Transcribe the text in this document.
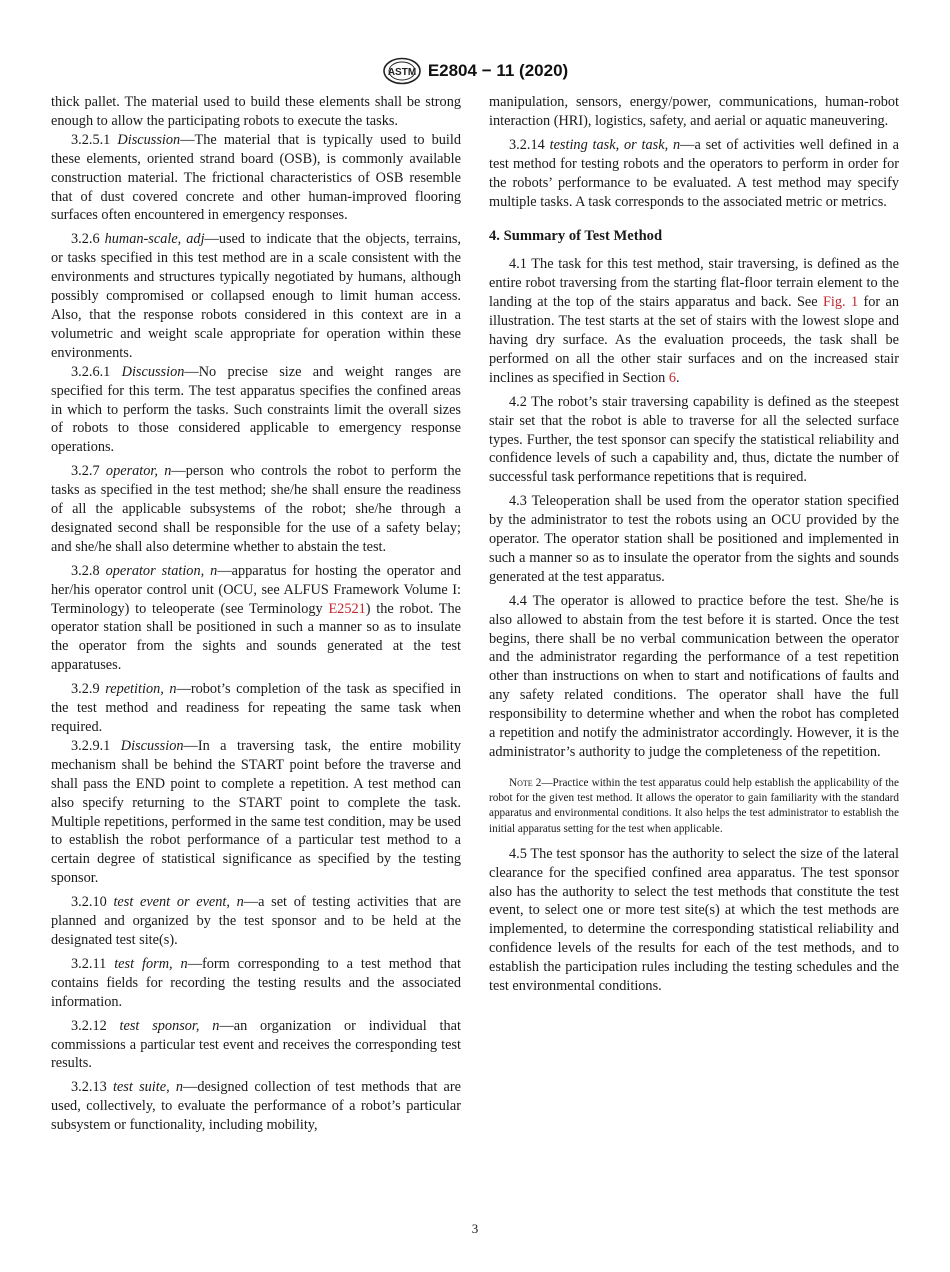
ASTM E2804 − 11 (2020)

thick pallet. The material used to build these elements shall be strong enough to allow the participating robots to execute the tasks.

3.2.5.1 Discussion—The material that is typically used to build these elements, oriented strand board (OSB), is commonly available construction material. The frictional characteristics of OSB resemble that of dust covered concrete and other human-improved flooring surfaces often encountered in emergency responses.

3.2.6 human-scale, adj—used to indicate that the objects, terrains, or tasks specified in this test method are in a scale consistent with the environments and structures typically negotiated by humans, although possibly compromised or collapsed enough to limit human access. Also, that the response robots considered in this context are in a volumetric and weight scale appropriate for operation within these environments.

3.2.6.1 Discussion—No precise size and weight ranges are specified for this term. The test apparatus specifies the confined areas in which to perform the tasks. Such constraints limit the overall sizes of robots to those considered applicable to emergency response operations.

3.2.7 operator, n—person who controls the robot to perform the tasks as specified in the test method; she/he shall ensure the readiness of all the applicable subsystems of the robot; she/he through a designated second shall be responsible for the use of a safety belay; and she/he shall also determine whether to abstain the test.

3.2.8 operator station, n—apparatus for hosting the operator and her/his operator control unit (OCU, see ALFUS Framework Volume I: Terminology) to teleoperate (see Terminology E2521) the robot. The operator station shall be positioned in such a manner so as to insulate the operator from the sights and sounds generated at the test apparatuses.

3.2.9 repetition, n—robot’s completion of the task as specified in the test method and readiness for repeating the same task when required.

3.2.9.1 Discussion—In a traversing task, the entire mobility mechanism shall be behind the START point before the traverse and shall pass the END point to complete a repetition. A test method can also specify returning to the START point to complete the task. Multiple repetitions, performed in the same test condition, may be used to establish the robot performance of a particular test method to a certain degree of statistical significance as specified by the testing sponsor.

3.2.10 test event or event, n—a set of testing activities that are planned and organized by the test sponsor and to be held at the designated test site(s).

3.2.11 test form, n—form corresponding to a test method that contains fields for recording the testing results and the associated information.

3.2.12 test sponsor, n—an organization or individual that commissions a particular test event and receives the corresponding test results.

3.2.13 test suite, n—designed collection of test methods that are used, collectively, to evaluate the performance of a robot’s particular subsystem or functionality, including mobility,

manipulation, sensors, energy/power, communications, human-robot interaction (HRI), logistics, safety, and aerial or aquatic maneuvering.

3.2.14 testing task, or task, n—a set of activities well defined in a test method for testing robots and the operators to perform in order for the robots’ performance to be evaluated. A test method may specify multiple tasks. A task corresponds to the associated metric or metrics.

4. Summary of Test Method

4.1 The task for this test method, stair traversing, is defined as the entire robot traversing from the starting flat-floor terrain element to the landing at the top of the stairs apparatus and back. See Fig. 1 for an illustration. The test starts at the set of stairs with the lowest slope and having dry surface. As the evaluation proceeds, the task shall be performed on all the other stair surfaces and on the increased stair inclines as specified in Section 6.

4.2 The robot’s stair traversing capability is defined as the steepest stair set that the robot is able to traverse for all the selected surface types. Further, the test sponsor can specify the statistical reliability and confidence levels of such a capability and, thus, dictate the number of successful task performance repetitions that is required.

4.3 Teleoperation shall be used from the operator station specified by the administrator to test the robots using an OCU provided by the operator. The operator station shall be positioned and implemented in such a manner so as to insulate the operator from the sights and sounds generated at the test apparatus.

4.4 The operator is allowed to practice before the test. She/he is also allowed to abstain from the test before it is started. Once the test begins, there shall be no verbal communication between the operator and the administrator regarding the performance of a test repetition other than instructions on when to start and notifications of faults and any safety related conditions. The operator shall have the full responsibility to determine whether and when the robot has completed a repetition and notify the administrator accordingly. However, it is the administrator’s authority to judge the completeness of the repetition.

Note 2—Practice within the test apparatus could help establish the applicability of the robot for the given test method. It allows the operator to gain familiarity with the standard apparatus and environmental conditions. It also helps the test administrator to establish the initial apparatus setting for the test when applicable.

4.5 The test sponsor has the authority to select the size of the lateral clearance for the specified confined area apparatus. The test sponsor also has the authority to select the test methods that constitute the test event, to select one or more test site(s) at which the test methods are implemented, to determine the corresponding statistical reliability and confidence levels of the results for each of the test methods, and to establish the participation rules including the testing schedules and the test environmental conditions.

3
